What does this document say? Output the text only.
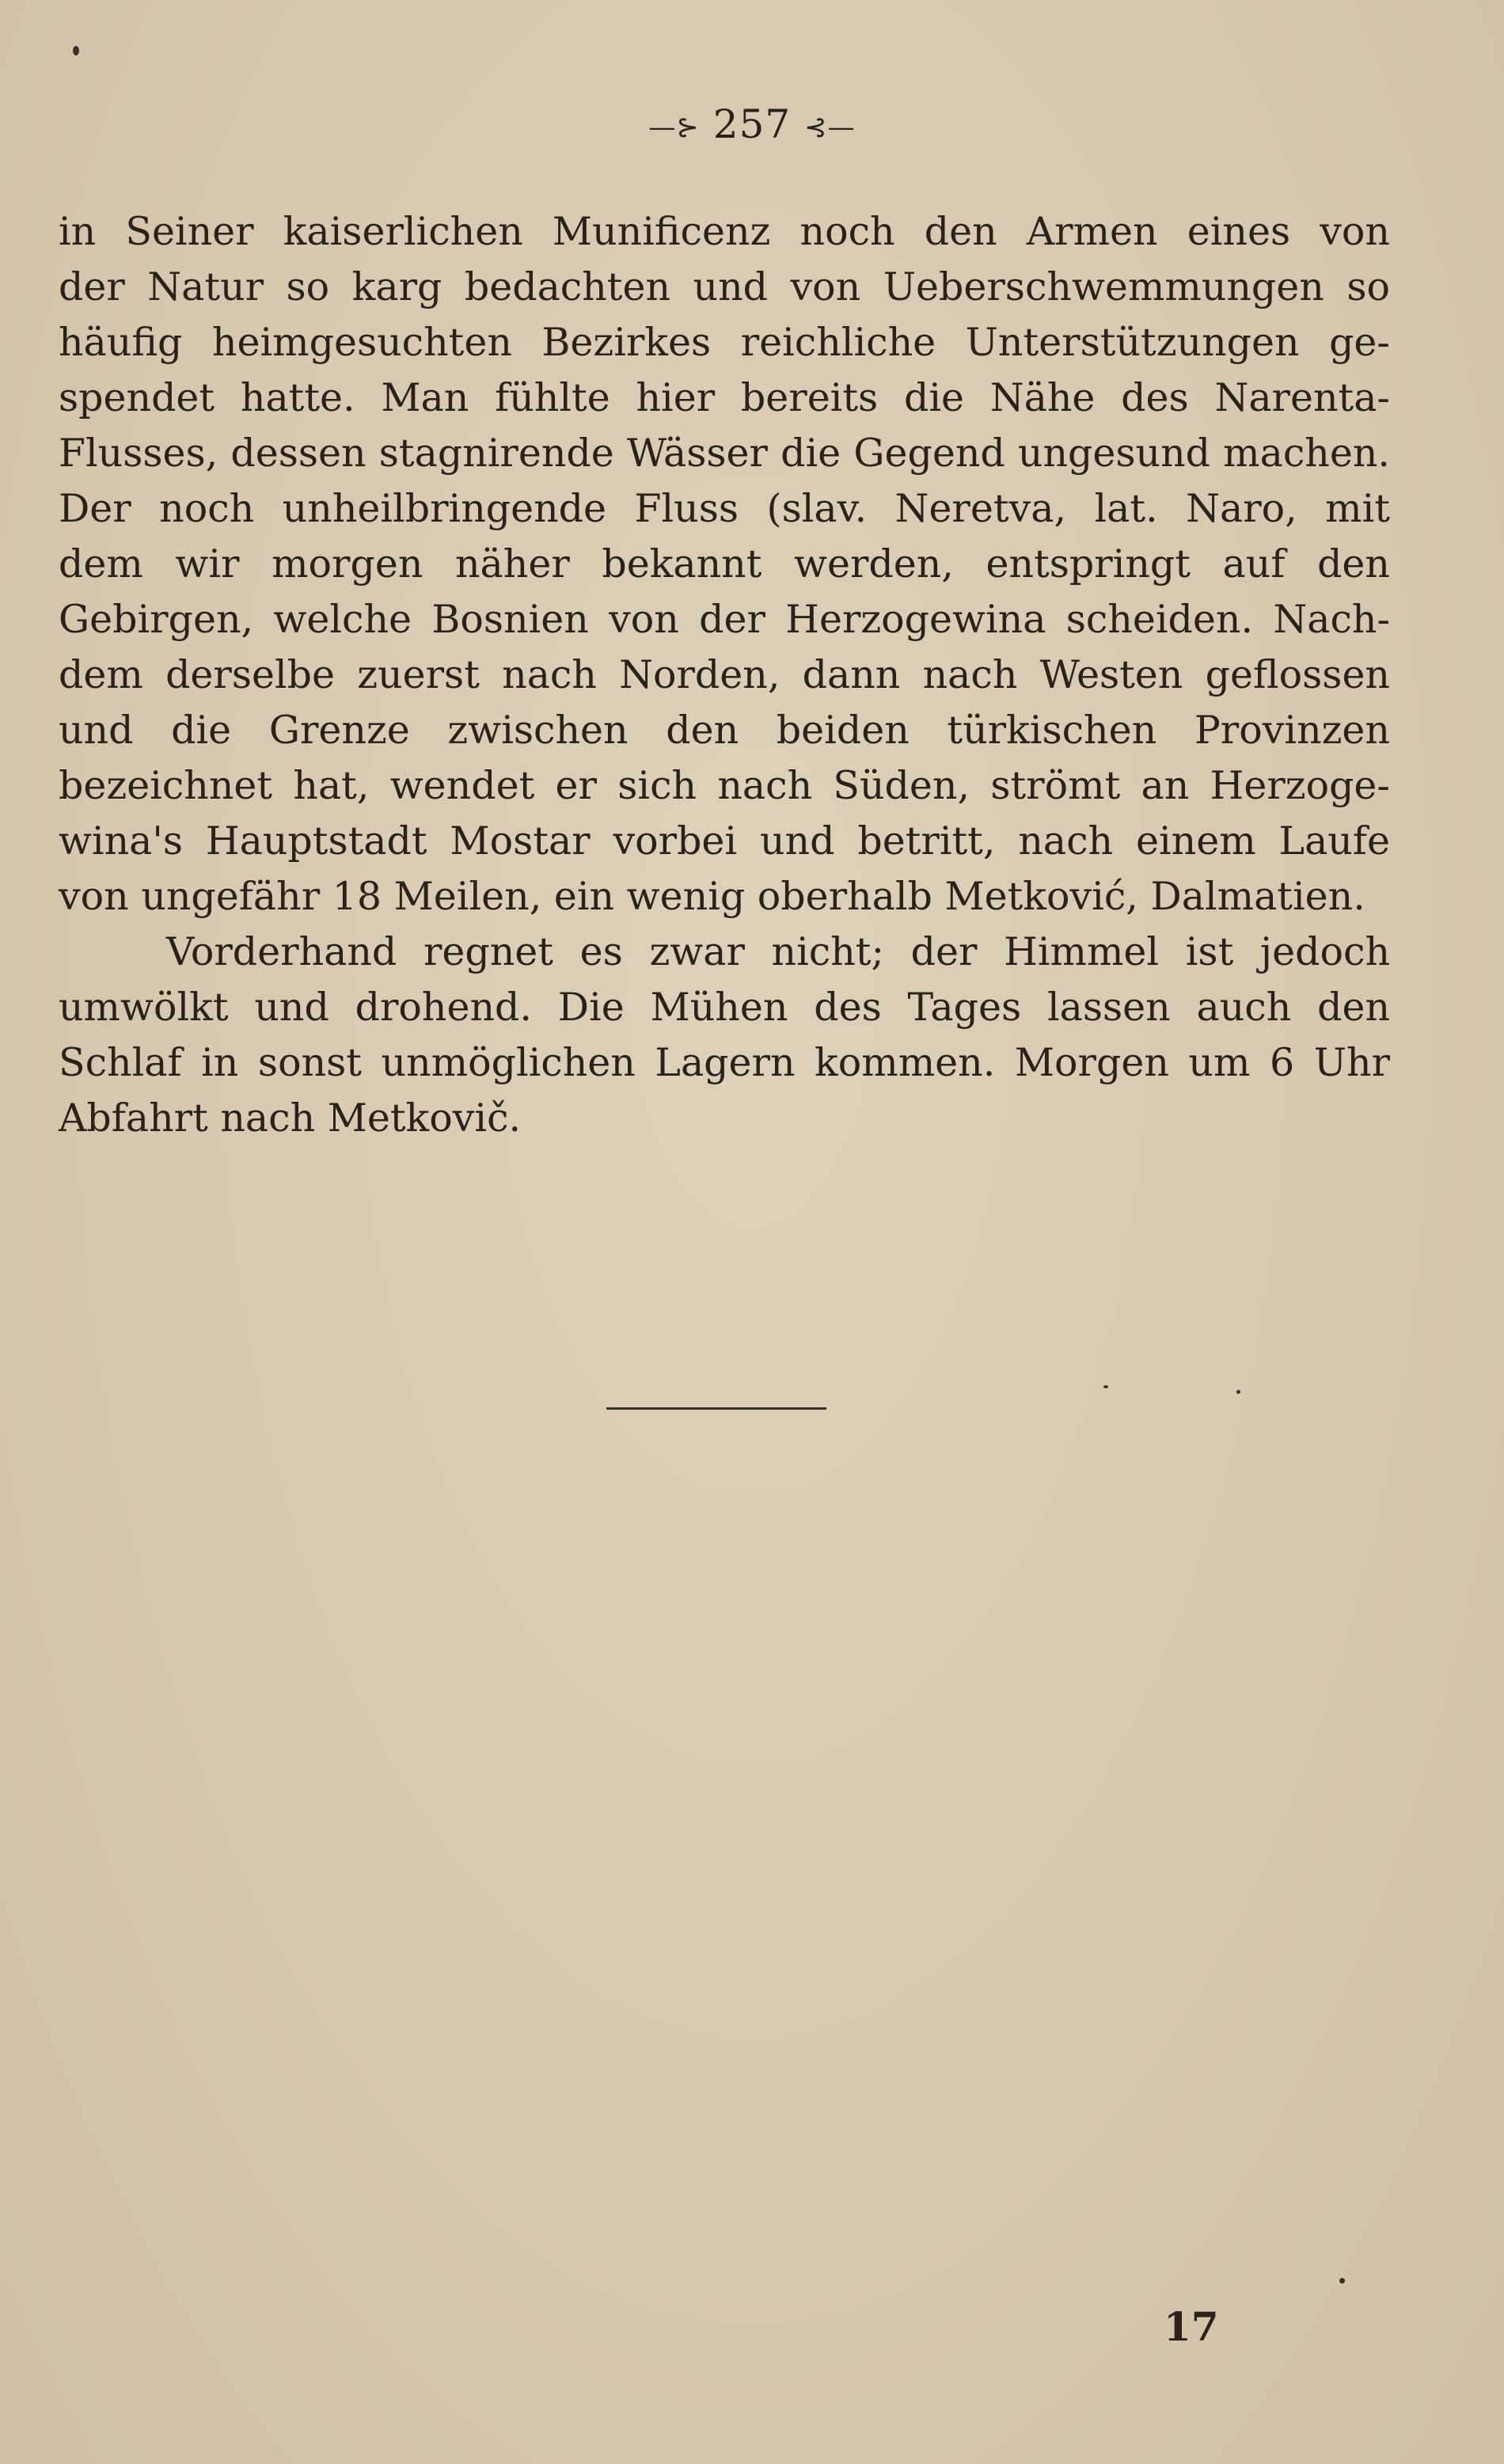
—⊱ 257 ⊰—
in Seiner kaiserlichen Munificenz noch den Armen eines von
der Natur so karg bedachten und von Ueberschwemmungen so
häufig heimgesuchten Bezirkes reichliche Unterstützungen ge-
spendet hatte. Man fühlte hier bereits die Nähe des Narenta-
Flusses, dessen stagnirende Wässer die Gegend ungesund machen.
Der noch unheilbringende Fluss (slav. Neretva, lat. Naro, mit
dem wir morgen näher bekannt werden, entspringt auf den
Gebirgen, welche Bosnien von der Herzogewina scheiden. Nach-
dem derselbe zuerst nach Norden, dann nach Westen geflossen
und die Grenze zwischen den beiden türkischen Provinzen
bezeichnet hat, wendet er sich nach Süden, strömt an Herzoge-
wina's Hauptstadt Mostar vorbei und betritt, nach einem Laufe
von ungefähr 18 Meilen, ein wenig oberhalb Metković, Dalmatien.
Vorderhand regnet es zwar nicht; der Himmel ist jedoch
umwölkt und drohend. Die Mühen des Tages lassen auch den
Schlaf in sonst unmöglichen Lagern kommen. Morgen um 6 Uhr
Abfahrt nach Metkovič.
17
